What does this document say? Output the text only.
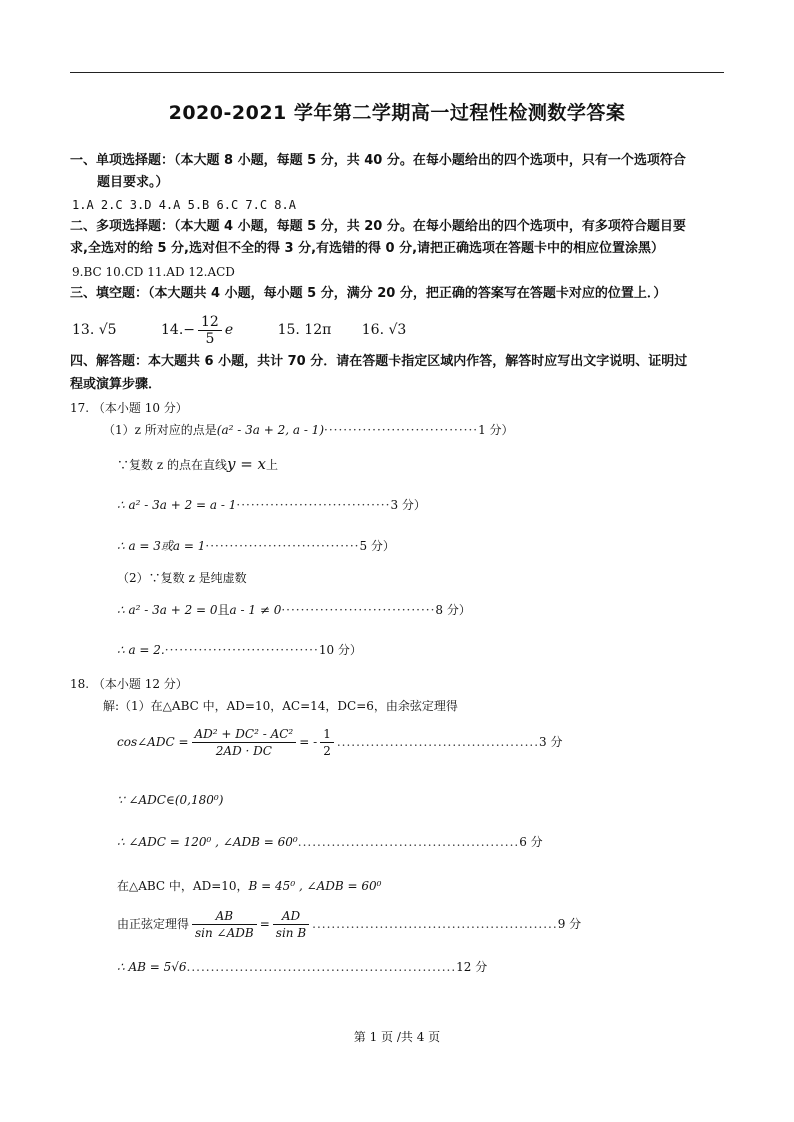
2020-2021 学年第二学期高一过程性检测数学答案
一、单项选择题：（本大题 8 小题，每题 5 分，共 40 分。在每小题给出的四个选项中，只有一个选项符合
题目要求。）
1.A 2.C 3.D 4.A 5.B 6.C 7.C 8.A
二、多项选择题：（本大题 4 小题，每题 5 分，共 20 分。在每小题给出的四个选项中，有多项符合题目要
求,全选对的给 5 分,选对但不全的得 3 分,有选错的得 0 分,请把正确选项在答题卡中的相应位置涂黑）
9.BC 10.CD 11.AD 12.ACD
三、填空题：（本大题共 4 小题，每小题 5 分，满分 20 分，把正确的答案写在答题卡对应的位置上．）
13. √5	$14.- \frac{12}{5}$ e	15. 12π 16. √3
四、解答题：本大题共 6 小题，共计 70 分．请在答题卡指定区域内作答，解答时应写出文字说明、证明过
程或演算步骤．
17. （本小题 10 分）
（1）z 所对应的点是(a² - 3a + 2, a - 1)································1 分）
∵复数 z 的点在直线y = x上
∴ a² - 3a + 2 = a - 1································3 分）
∴ a = 3或a = 1································5 分）
（2）∵复数 z 是纯虚数
∴ a² - 3a + 2 = 0且a - 1 ≠ 0································8 分）
∴ a = 2.································10 分）
18. （本小题 12 分）
解:（1）在△ABC 中，AD=10，AC=14，DC=6，由余弦定理得
cos∠ADC = $\frac{\text{AD² + DC² - AC²}}{2AD \cdot DC}$ = - $\frac{1}{2} ..........................................3$ 分
∵ ∠ADC∈(0,180⁰)
∴ ∠ADC = 120⁰ , ∠ADB = 60⁰..............................................6 分
在△ABC 中，AD=10，B = 45⁰ , ∠ADB = 60⁰
由正弦定理得 $\frac{AB}{\text{sin ∠ADB}} = \frac{AD}{\text{sin B}} ...................................................9$ 分
∴ AB = 5√6........................................................12 分
第 1 页 /共 4 页
